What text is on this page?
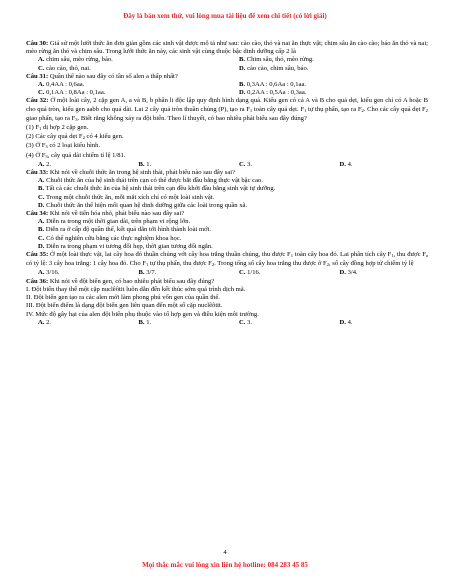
Đây là bản xem thử, vui lòng mua tài liệu để xem chi tiết (có lời giải)
Câu 30: Giả sử một lưới thức ăn đơn giản gồm các sinh vật được mô tả như sau: cào cào, thỏ và nai ăn thực vật; chim sâu ăn cào cào; báo ăn thỏ và nai; mèo rừng ăn thỏ và chim sâu. Trong lưới thức ăn này, các sinh vật cùng thuộc bậc dinh dưỡng cấp 2 là
A. chim sâu, mèo rừng, báo.	B. Chim sâu, thỏ, mèo rừng.
C. cào cào, thỏ, nai.	D. cào cào, chim sâu, báo.
Câu 31: Quần thể nào sau đây có tần số alen a thấp nhất?
A. 0,4AA : 0,6aa.	B. 0,3AA : 0,6Aa : 0,1aa.
C. 0,1AA : 0,8Aa : 0,1aa.	D. 0,2AA : 0,5Aa : 0,3aa.
Câu 32: Ở một loài cây, 2 cặp gen A, a và B, b phân li độc lập quy định hình dạng quả. Kiểu gen có cả A và B cho quả dẹt, kiểu gen chỉ có A hoặc B cho quả tròn, kiểu gen aabb cho quả dài. Lai 2 cây quả tròn thuần chủng (P), tạo ra $F_1$ toàn cây quả dẹt. $F_1$ tự thụ phấn, tạo ra $F_2$. Cho các cây quả dẹt $F_2$ giao phấn, tạo ra $F_3$. Biết rằng không xảy ra đột biến. Theo lí thuyết, có bao nhiêu phát biểu sau đây đúng?
(1) $F_1$ dị hợp 2 cặp gen.
(2) Các cây quả dẹt $F_2$ có 4 kiểu gen.
(3) Ở $F_3$ có 2 loại kiểu hình.
(4) Ở $F_3$, cây quả dài chiếm tỉ lệ 1/81.
A. 2.	B. 1.	C. 3.	D. 4.
Câu 33: Khi nói về chuỗi thức ăn trong hệ sinh thái, phát biểu nào sau đây sai?
A. Chuỗi thức ăn của hệ sinh thái trên cạn có thể được bắt đầu bằng thực vật bậc cao.
B. Tất cả các chuỗi thức ăn của hệ sinh thái trên cạn đều khởi đầu bằng sinh vật tự dưỡng.
C. Trong một chuỗi thức ăn, mỗi mắt xích chỉ có một loài sinh vật.
D. Chuỗi thức ăn thể hiện mối quan hệ dinh dưỡng giữa các loài trong quần xã.
Câu 34: Khi nói về tiến hóa nhỏ, phát biểu nào sau đây sai?
A. Diễn ra trong một thời gian dài, trên phạm vi rộng lớn.
B. Diễn ra ở cấp độ quần thể, kết quả dẫn tới hình thành loài mới.
C. Có thể nghiên cứu bằng các thực nghiệm khoa học.
D. Diễn ra trong phạm vi tương đối hẹp, thời gian tương đối ngắn.
Câu 35: Ở một loài thực vật, lai cây hoa đỏ thuần chủng với cây hoa trắng thuần chủng, thu được $F_1$ toàn cây hoa đỏ. Lai phân tích cây $F_1$, thu được $F_a$ có tỷ lệ: 3 cây hoa trắng: 1 cây hoa đỏ. Cho $F_1$ tự thụ phấn, thu được $F_2$. Trong tổng số cây hoa trắng thu được ở $F_2$, số cây đồng hợp tử chiếm tỷ lệ
A. 3/16.	B. 3/7.	C. 1/16.	D. 3/4.
Câu 36: Khi nói về đột biến gen, có bao nhiêu phát biểu sau đây đúng?
I. Đột biến thay thế một cặp nuclêôtit luôn dẫn đến kết thúc sớm quá trình dịch mã.
II. Đột biến gen tạo ra các alen mới làm phong phú vốn gen của quần thể.
III. Đột biến điểm là dạng đột biến gen liên quan đến một số cặp nuclêôtit.
IV. Mức độ gây hại của alen đột biến phụ thuộc vào tổ hợp gen và điều kiện môi trường.
A. 2.	B. 1.	C. 3.	D. 4.
4
Mọi thắc mắc vui lòng xin liên hệ hotline: 084 283 45 85
